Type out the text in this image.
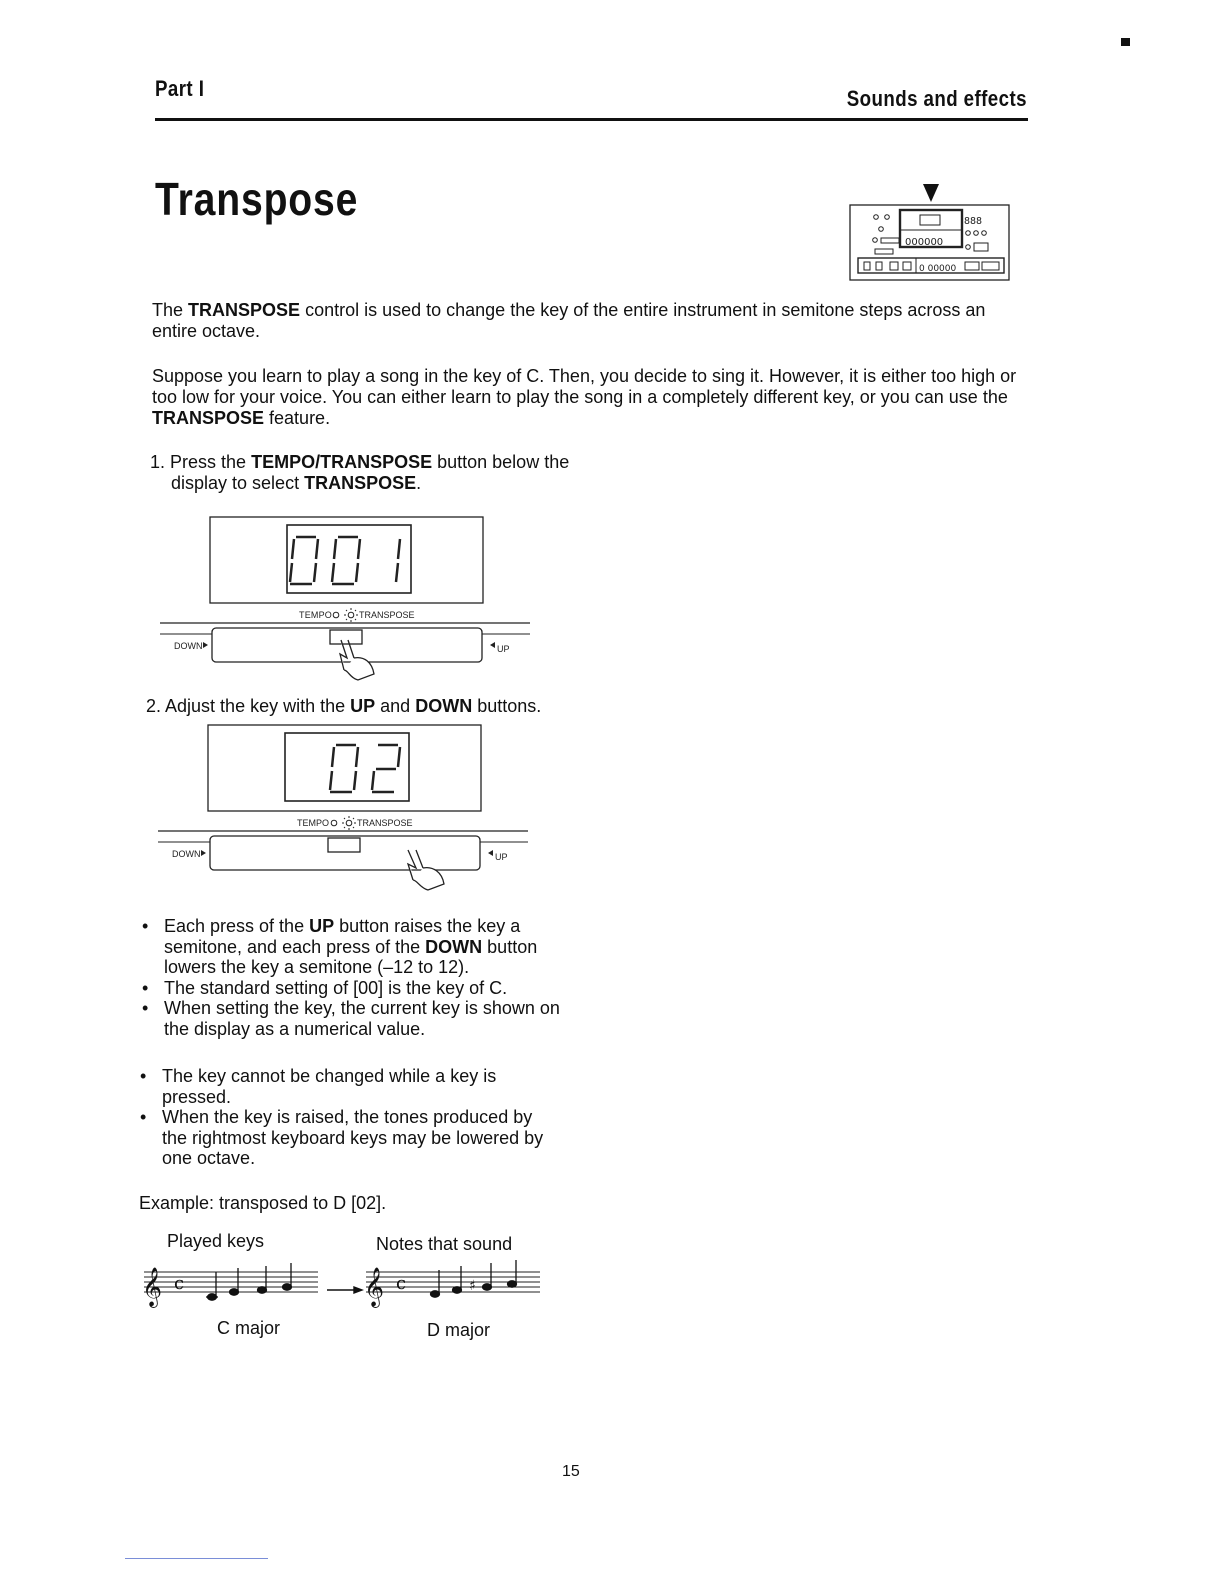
Part I	Sounds and effects
Transpose	888
000000
0 00000
The TRANSPOSE control is used to change the key of the entire instrument in semitone steps across an entire octave.
Suppose you learn to play a song in the key of C. Then, you decide to sing it. However, it is either too high or too low for your voice. You can either learn to play the song in a completely different key, or you can use the TRANSPOSE feature.
1. Press the TEMPO/TRANSPOSE button below the display to select TRANSPOSE.
TEMPO	TRANSPOSE
DOWN	UP
2. Adjust the key with the UP and DOWN buttons.
TEMPO	TRANSPOSE
DOWN	UP
• Each press of the UP button raises the key a semitone, and each press of the DOWN button lowers the key a semitone (–12 to 12).
• The standard setting of [00] is the key of C.
• When setting the key, the current key is shown on the display as a numerical value.
• The key cannot be changed while a key is pressed.
• When the key is raised, the tones produced by the rightmost keyboard keys may be lowered by one octave.
Example: transposed to D [02].
Played keys	Notes that sound
𝄞 c	𝄞 c	♯
C major	D major
15
